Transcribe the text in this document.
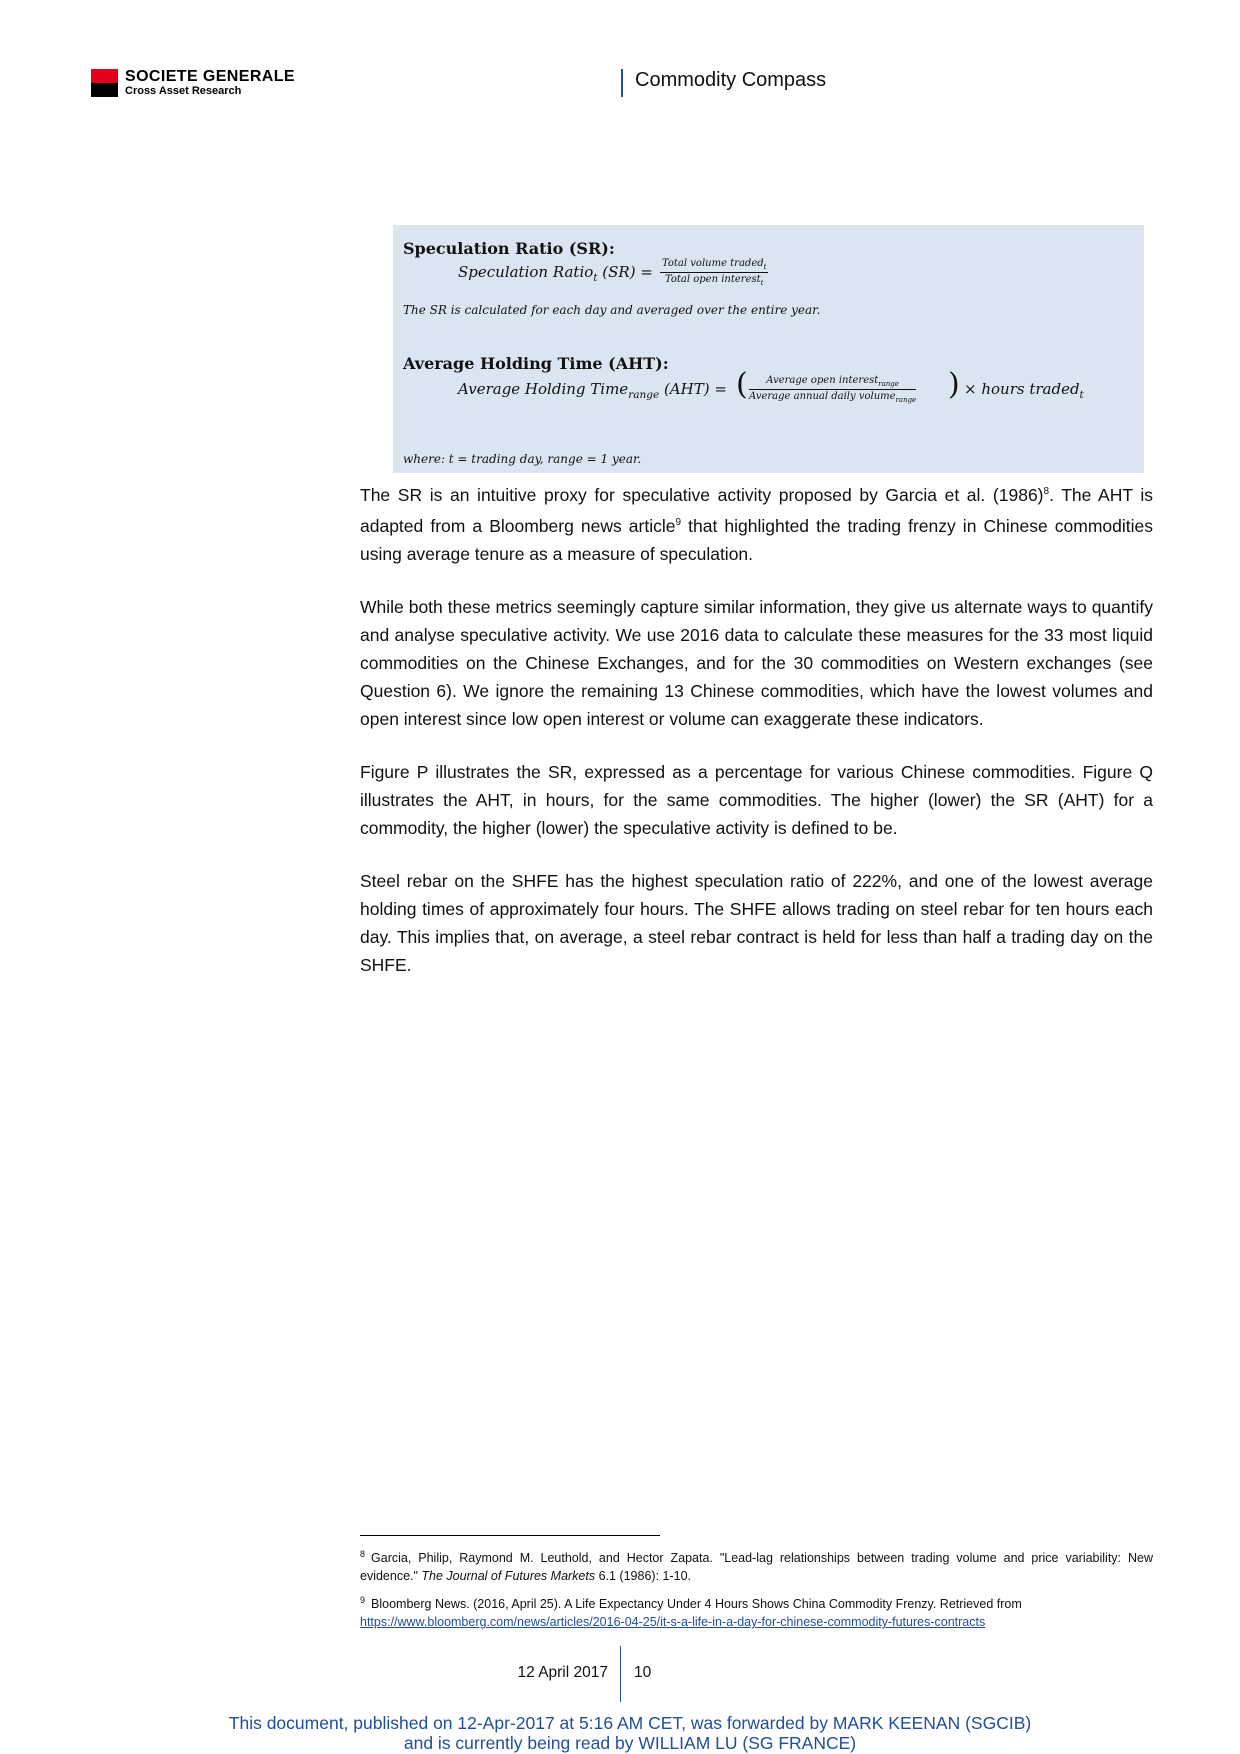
SOCIETE GENERALE
Cross Asset Research	Commodity Compass
Speculation Ratio (SR):
Speculation Ratio$_t$ (SR) = Total volume traded$_t$
Total open interest$_t$
The SR is calculated for each day and averaged over the entire year.
Average Holding Time (AHT):
Average Holding Time$_{range}$ (AHT) = (	Average open interest$_{range}$
Average annual daily volume$_{range}$ ) × hours traded$_t$
where: t = trading day, range = 1 year.

The SR is an intuitive proxy for speculative activity proposed by Garcia et al. $(1986)^8$. The AHT is adapted from a Bloomberg news article$^9$ that highlighted the trading frenzy in Chinese commodities using average tenure as a measure of speculation.

While both these metrics seemingly capture similar information, they give us alternate ways to quantify and analyse speculative activity. We use 2016 data to calculate these measures for the 33 most liquid commodities on the Chinese Exchanges, and for the 30 commodities on Western exchanges (see Question 6). We ignore the remaining 13 Chinese commodities, which have the lowest volumes and open interest since low open interest or volume can exaggerate these indicators.

Figure P illustrates the SR, expressed as a percentage for various Chinese commodities. Figure Q illustrates the AHT, in hours, for the same commodities. The higher (lower) the SR (AHT) for a commodity, the higher (lower) the speculative activity is defined to be.

Steel rebar on the SHFE has the highest speculation ratio of 222%, and one of the lowest average holding times of approximately four hours. The SHFE allows trading on steel rebar for ten hours each day. This implies that, on average, a steel rebar contract is held for less than half a trading day on the SHFE.

$^8$ Garcia, Philip, Raymond M. Leuthold, and Hector Zapata. "Lead-lag relationships between trading volume and price variability: New evidence." The Journal of Futures Markets 6.1 (1986): 1-10.
$^9$ Bloomberg News. (2016, April 25). A Life Expectancy Under 4 Hours Shows China Commodity Frenzy. Retrieved from
https://www.bloomberg.com/news/articles/2016-04-25/it-s-a-life-in-a-day-for-chinese-commodity-futures-contracts
12 April 2017 10
This document, published on 12-Apr-2017 at 5:16 AM CET, was forwarded by MARK KEENAN (SGCIB)
and is currently being read by WILLIAM LU (SG FRANCE)
